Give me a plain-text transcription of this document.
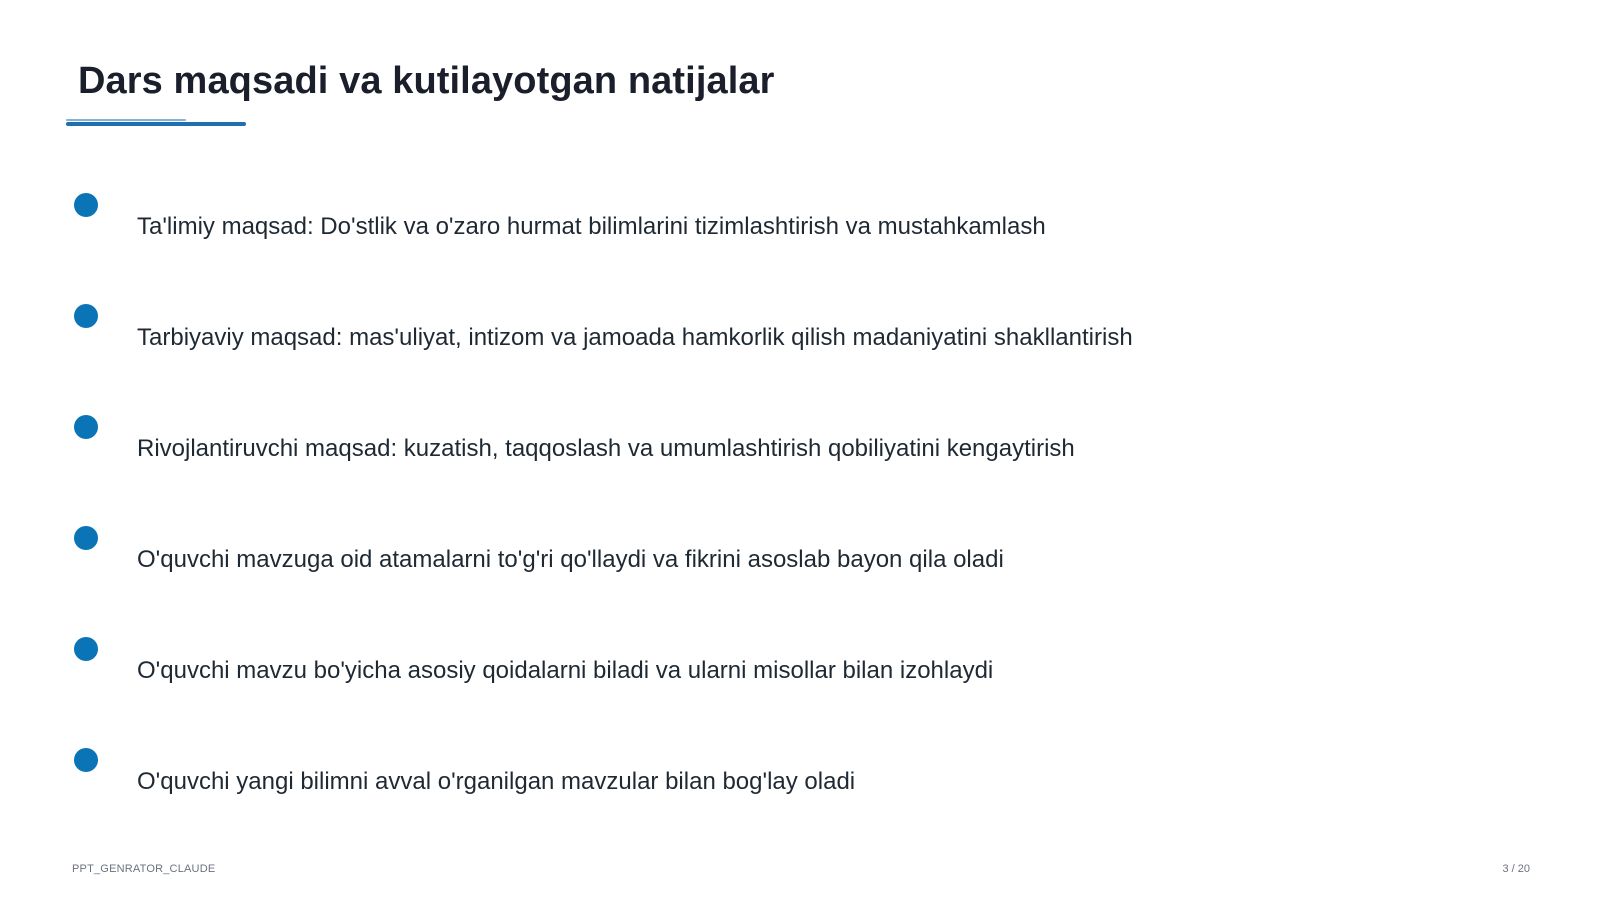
Dars maqsadi va kutilayotgan natijalar
Ta'limiy maqsad: Do'stlik va o'zaro hurmat bilimlarini tizimlashtirish va mustahkamlash
Tarbiyaviy maqsad: mas'uliyat, intizom va jamoada hamkorlik qilish madaniyatini shakllantirish
Rivojlantiruvchi maqsad: kuzatish, taqqoslash va umumlashtirish qobiliyatini kengaytirish
O'quvchi mavzuga oid atamalarni to'g'ri qo'llaydi va fikrini asoslab bayon qila oladi
O'quvchi mavzu bo'yicha asosiy qoidalarni biladi va ularni misollar bilan izohlaydi
O'quvchi yangi bilimni avval o'rganilgan mavzular bilan bog'lay oladi
PPT_GENRATOR_CLAUDE	3 / 20
